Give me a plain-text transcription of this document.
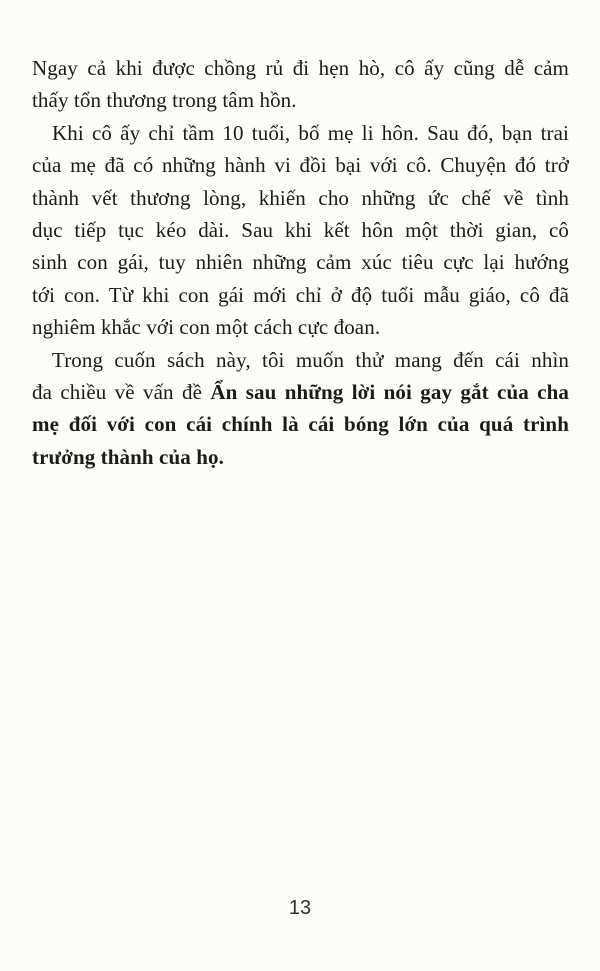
Ngay cả khi được chồng rủ đi hẹn hò, cô ấy cũng dễ cảm
thấy tổn thương trong tâm hồn.
Khi cô ấy chỉ tầm 10 tuổi, bố mẹ li hôn. Sau đó, bạn trai
của mẹ đã có những hành vi đồi bại với cô. Chuyện đó trở
thành vết thương lòng, khiến cho những ức chế về tình
dục tiếp tục kéo dài. Sau khi kết hôn một thời gian, cô
sinh con gái, tuy nhiên những cảm xúc tiêu cực lại hướng
tới con. Từ khi con gái mới chỉ ở độ tuổi mẫu giáo, cô đã
nghiêm khắc với con một cách cực đoan.
Trong cuốn sách này, tôi muốn thử mang đến cái nhìn
đa chiều về vấn đề Ẩn sau những lời nói gay gắt của cha
mẹ đối với con cái chính là cái bóng lớn của quá trình
trưởng thành của họ.
13
